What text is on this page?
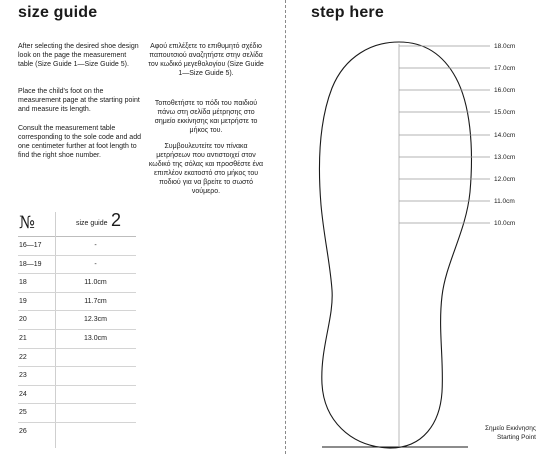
size guide	step here

After selecting the desired shoe design look on the page the measurement table (Size Guide 1—Size Guide 5).

Place the child's foot on the measurement page at the starting point and measure its length.

Consult the measurement table corresponding to the sole code and add one centimeter further at foot length to find the right shoe number.

Αφού επιλέξετε το επιθυμητό σχέδιο παπουτσιού αναζητήστε στην σελίδα τον κωδικό μεγεθολογίου (Size Guide 1—Size Guide 5).

Τοποθετήστε το πόδι του παιδιού πάνω στη σελίδα μέτρησης στο σημείο εκκίνησης και μετρήστε το μήκος του.

Συμβουλευτείτε τον πίνακα μετρήσεων που αντιστοιχεί στον κωδικό της σόλας και προσθέστε ένα επιπλέον εκατοστό στο μήκος του ποδιού για να βρείτε το σωστό νούμερο.

№	size guide 2
16—17	-
18—19	-
18	11.0cm
19	11.7cm
20	12.3cm
21	13.0cm
22
23
24
25
26
18.0cm
17.0cm
16.0cm
15.0cm
14.0cm
13.0cm
12.0cm
11.0cm
10.0cm
Σημείο Εκκίνησης
Starting Point
